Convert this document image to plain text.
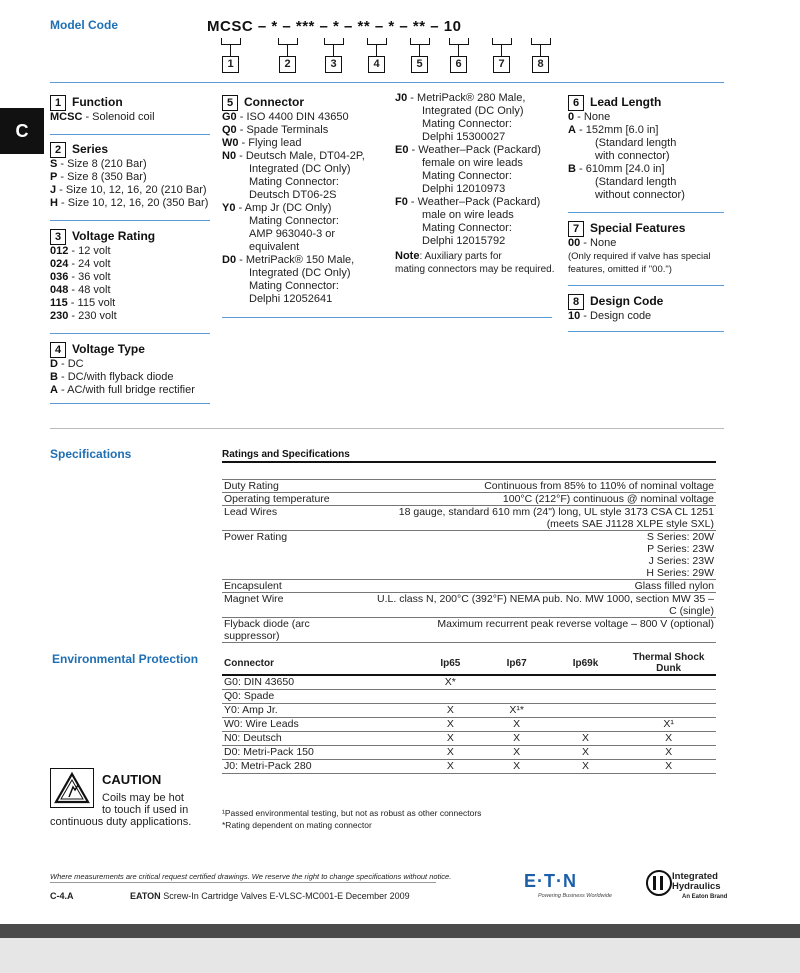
C
Model Code	MCSC – * – *** – * – ** – * – ** – 10
1	2	3	4	5	6	7	8
1 Function
MCSC - Solenoid coil
2 Series
S - Size 8 (210 Bar)
P - Size 8 (350 Bar)
J - Size 10, 12, 16, 20 (210 Bar)
H - Size 10, 12, 16, 20 (350 Bar)
3 Voltage Rating
012 - 12 volt
024 - 24 volt
036 - 36 volt
048 - 48 volt
115 - 115 volt
230 - 230 volt
4 Voltage Type
D - DC
B - DC/with flyback diode
A - AC/with full bridge rectifier
5 Connector
G0 - ISO 4400 DIN 43650
Q0 - Spade Terminals
W0 - Flying lead
N0 - Deutsch Male, DT04-2P,
Integrated (DC Only)
Mating Connector:
Deutsch DT06-2S
Y0 - Amp Jr (DC Only)
Mating Connector:
AMP 963040-3 or
equivalent
D0 - MetriPack® 150 Male,
Integrated (DC Only)
Mating Connector:
Delphi 12052641
J0 - MetriPack® 280 Male,
Integrated (DC Only)
Mating Connector:
Delphi 15300027
E0 - Weather–Pack (Packard)
female on wire leads
Mating Connector:
Delphi 12010973
F0 - Weather–Pack (Packard)
male on wire leads
Mating Connector:
Delphi 12015792
Note: Auxiliary parts for
mating connectors may be required.
6 Lead Length
0 - None
A - 152mm [6.0 in]
(Standard length
with connector)
B - 610mm [24.0 in]
(Standard length
without connector)
7 Special Features
00 - None
(Only required if valve has special
features, omitted if "00.")
8 Design Code
10 - Design code
Specifications	Ratings and Specifications
Duty Rating	Continuous from 85% to 110% of nominal voltage

Operating temperature	100°C (212°F) continuous @ nominal voltage

Lead Wires	18 gauge, standard 610 mm (24") long, UL style 3173 CSA CL 1251
(meets SAE J1128 XLPE style SXL)

Power Rating	S Series: 20W
P Series: 23W
J Series: 23W
H Series: 29W

Encapsulent	Glass filled nylon

Magnet Wire	U.L. class N, 200°C (392°F) NEMA pub. No. MW 1000, section MW 35 – C (single)

Flyback diode (arc suppressor)	Maximum recurrent peak reverse voltage – 800 V (optional)
Environmental Protection	Connector	Ip65	Ip67	Ip69k	Thermal Shock Dunk
G0: DIN 43650	X*			
Q0: Spade				
Y0: Amp Jr.	X	X¹*		
W0: Wire Leads	X	X		X¹
N0: Deutsch	X	X	X	X
D0: Metri-Pack 150	X	X	X	X
J0: Metri-Pack 280	X	X	X	X
¹Passed environmental testing, but not as robust as other connectors
*Rating dependent on mating connector
CAUTION
Coils may be hot
to touch if used in
continuous duty applications.
Where measurements are critical request certified drawings. We reserve the right to change specifications without notice.
C-4.A	EATON Screw-In Cartridge Valves E-VLSC-MC001-E December 2009
E·T·N
Powering Business Worldwide
Integrated
Hydraulics
An Eaton Brand
